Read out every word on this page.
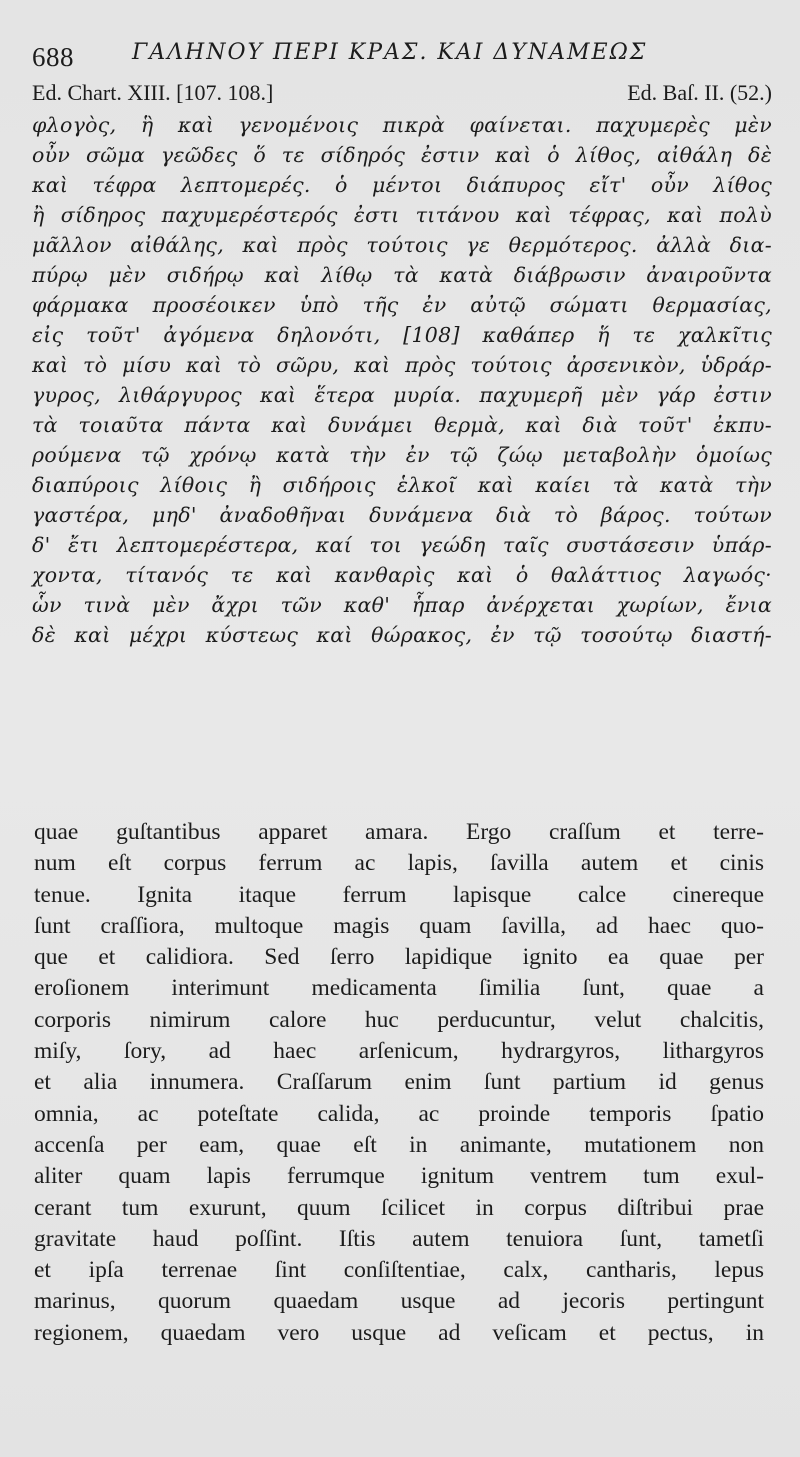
688	ΓΑΛΗΝΟΥ ΠΕΡΙ ΚΡΑΣ. ΚΑΙ ΔΥΝΑΜΕΩΣ
Ed. Chart. XIII. [107. 108.]	Ed. Baſ. II. (52.)
φλογὸς, ἣ καὶ γενομένοις πικρὰ φαίνεται. παχυμερὲς μὲν
οὖν σῶμα γεῶδες ὅ τε σίδηρός ἐστιν καὶ ὁ λίθος, αἰθάλη δὲ
καὶ τέφρα λεπτομερές. ὁ μέντοι διάπυρος εἴτ' οὖν λίθος
ἢ σίδηρος παχυμερέστερός ἐστι τιτάνου καὶ τέφρας, καὶ πολὺ
μᾶλλον αἰθάλης, καὶ πρὸς τούτοις γε θερμότερος. ἀλλὰ δια-
πύρῳ μὲν σιδήρῳ καὶ λίθῳ τὰ κατὰ διάβρωσιν ἀναιροῦντα
φάρμακα προσέοικεν ὑπὸ τῆς ἐν αὐτῷ σώματι θερμασίας,
εἰς τοῦτ' ἀγόμενα δηλονότι, [108] καθάπερ ἥ τε χαλκῖτις
καὶ τὸ μίσυ καὶ τὸ σῶρυ, καὶ πρὸς τούτοις ἀρσενικὸν, ὑδράρ-
γυρος, λιθάργυρος καὶ ἕτερα μυρία. παχυμερῆ μὲν γάρ ἐστιν
τὰ τοιαῦτα πάντα καὶ δυνάμει θερμὰ, καὶ διὰ τοῦτ' ἐκπυ-
ρούμενα τῷ χρόνῳ κατὰ τὴν ἐν τῷ ζώῳ μεταβολὴν ὁμοίως
διαπύροις λίθοις ἢ σιδήροις ἑλκοῖ καὶ καίει τὰ κατὰ τὴν
γαστέρα, μηδ' ἀναδοθῆναι δυνάμενα διὰ τὸ βάρος. τούτων
δ' ἔτι λεπτομερέστερα, καί τοι γεώδη ταῖς συστάσεσιν ὑπάρ-
χοντα, τίτανός τε καὶ κανθαρὶς καὶ ὁ θαλάττιος λαγωός·
ὧν τινὰ μὲν ἄχρι τῶν καθ' ἧπαρ ἀνέρχεται χωρίων, ἔνια
δὲ καὶ μέχρι κύστεως καὶ θώρακος, ἐν τῷ τοσούτῳ διαστή-
quae guſtantibus apparet amara. Ergo craſſum et terre-
num eſt corpus ferrum ac lapis, ſavilla autem et cinis
tenue. Ignita itaque ferrum lapisque calce cinereque
ſunt craſſiora, multoque magis quam ſavilla, ad haec quo-
que et calidiora. Sed ſerro lapidique ignito ea quae per
eroſionem interimunt medicamenta ſimilia ſunt, quae a
corporis nimirum calore huc perducuntur, velut chalcitis,
miſy, ſory, ad haec arſenicum, hydrargyros, lithargyros
et alia innumera. Craſſarum enim ſunt partium id genus
omnia, ac poteſtate calida, ac proinde temporis ſpatio
accenſa per eam, quae eſt in animante, mutationem non
aliter quam lapis ferrumque ignitum ventrem tum exul-
cerant tum exurunt, quum ſcilicet in corpus diſtribui prae
gravitate haud poſſint. Iſtis autem tenuiora ſunt, tametſi
et ipſa terrenae ſint conſiſtentiae, calx, cantharis, lepus
marinus, quorum quaedam usque ad jecoris pertingunt
regionem, quaedam vero usque ad veſicam et pectus, in
